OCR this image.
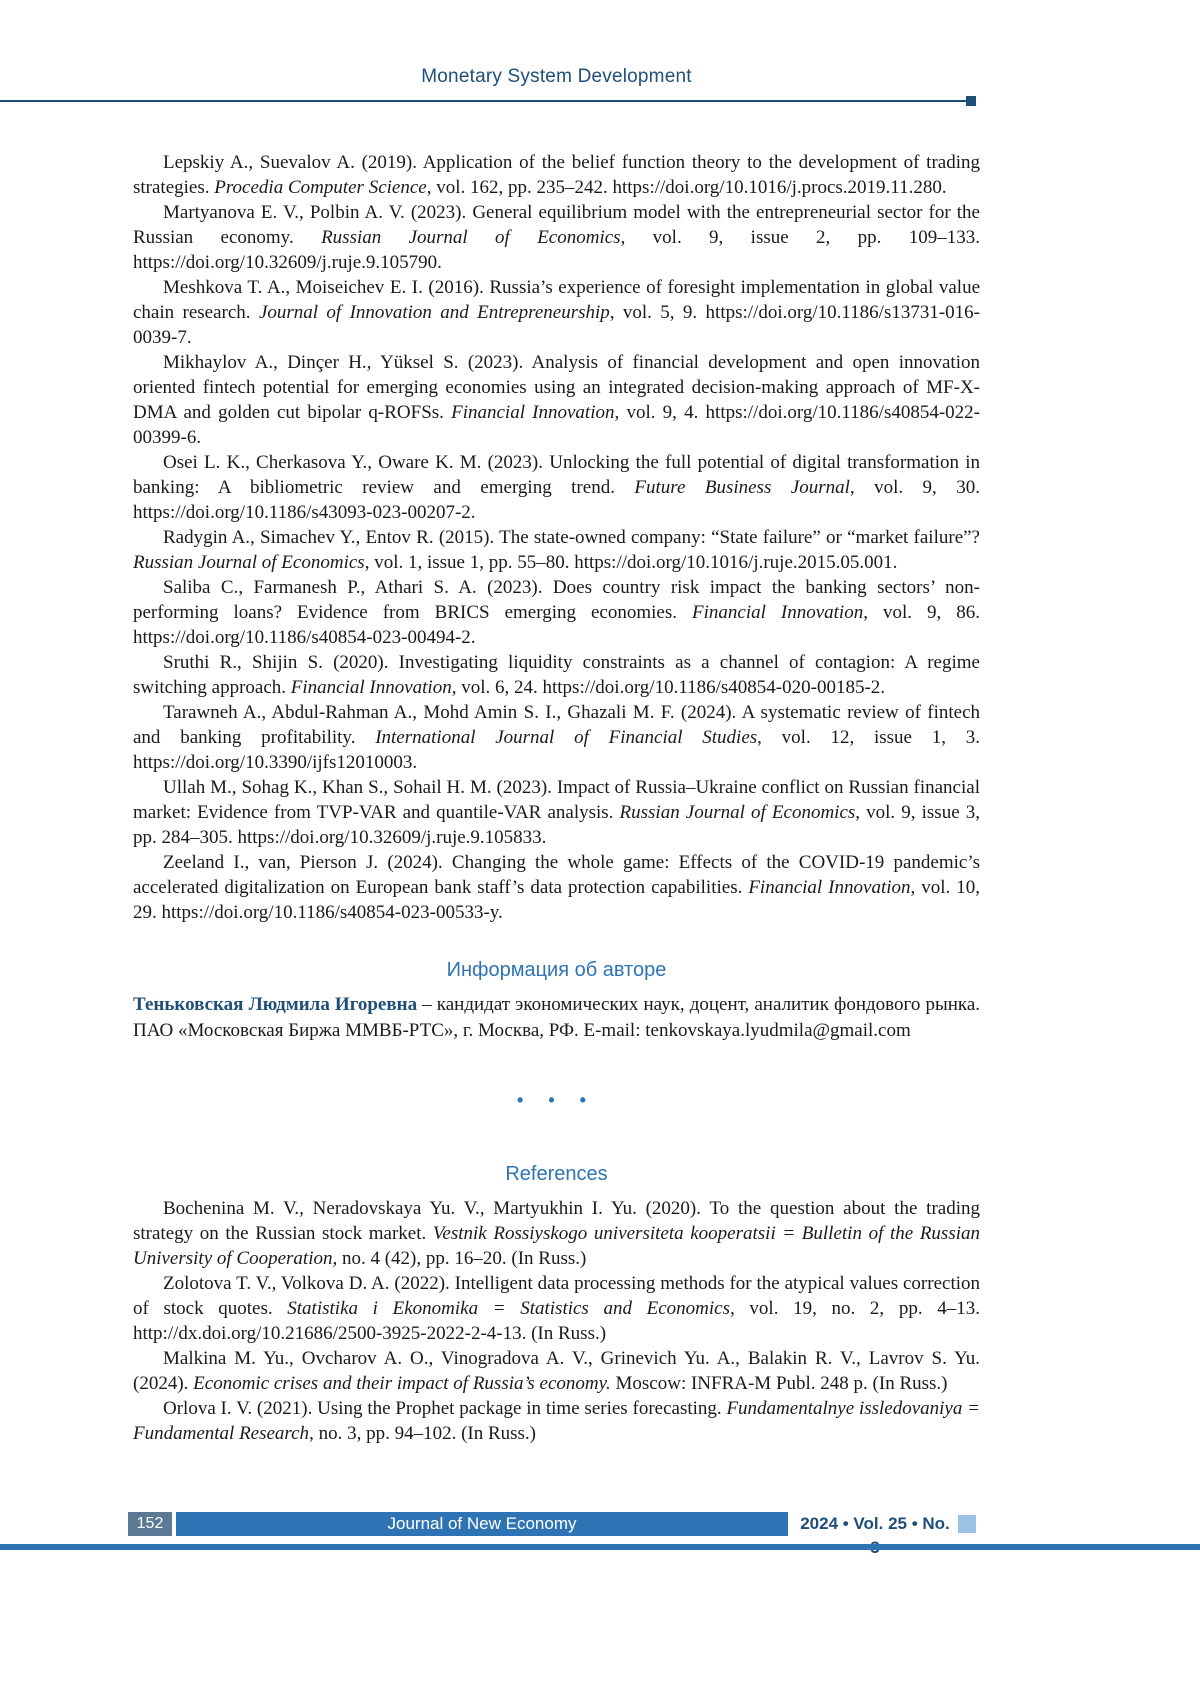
Monetary System Development

Lepskiy A., Suevalov A. (2019). Application of the belief function theory to the development of trading strategies. Procedia Computer Science, vol. 162, pp. 235–242. https://doi.org/10.1016/j.procs.2019.11.280.

Martyanova E. V., Polbin A. V. (2023). General equilibrium model with the entrepreneurial sector for the Russian economy. Russian Journal of Economics, vol. 9, issue 2, pp. 109–133. https://doi.org/10.32609/j.ruje.9.105790.

Meshkova T. A., Moiseichev E. I. (2016). Russia’s experience of foresight implementation in global value chain research. Journal of Innovation and Entrepreneurship, vol. 5, 9. https://doi.org/10.1186/s13731-016-0039-7.

Mikhaylov A., Dinçer H., Yüksel S. (2023). Analysis of financial development and open innovation oriented fintech potential for emerging economies using an integrated decision-making approach of MF-X-DMA and golden cut bipolar q-ROFSs. Financial Innovation, vol. 9, 4. https://doi.org/10.1186/s40854-022-00399-6.

Osei L. K., Cherkasova Y., Oware K. M. (2023). Unlocking the full potential of digital transformation in banking: A bibliometric review and emerging trend. Future Business Journal, vol. 9, 30. https://doi.org/10.1186/s43093-023-00207-2.

Radygin A., Simachev Y., Entov R. (2015). The state-owned company: “State failure” or “market failure”? Russian Journal of Economics, vol. 1, issue 1, pp. 55–80. https://doi.org/10.1016/j.ruje.2015.05.001.

Saliba C., Farmanesh P., Athari S. A. (2023). Does country risk impact the banking sectors’ non-performing loans? Evidence from BRICS emerging economies. Financial Innovation, vol. 9, 86. https://doi.org/10.1186/s40854-023-00494-2.

Sruthi R., Shijin S. (2020). Investigating liquidity constraints as a channel of contagion: A regime switching approach. Financial Innovation, vol. 6, 24. https://doi.org/10.1186/s40854-020-00185-2.

Tarawneh A., Abdul-Rahman A., Mohd Amin S. I., Ghazali M. F. (2024). A systematic review of fintech and banking profitability. International Journal of Financial Studies, vol. 12, issue 1, 3. https://doi.org/10.3390/ijfs12010003.

Ullah M., Sohag K., Khan S., Sohail H. M. (2023). Impact of Russia–Ukraine conflict on Russian financial market: Evidence from TVP-VAR and quantile-VAR analysis. Russian Journal of Economics, vol. 9, issue 3, pp. 284–305. https://doi.org/10.32609/j.ruje.9.105833.

Zeeland I., van, Pierson J. (2024). Changing the whole game: Effects of the COVID-19 pandemic’s accelerated digitalization on European bank staff’s data protection capabilities. Financial Innovation, vol. 10, 29. https://doi.org/10.1186/s40854-023-00533-y.

Информация об авторе

Теньковская Людмила Игоревна – кандидат экономических наук, доцент, аналитик фондового рынка. ПАО «Московская Биржа ММВБ-РТС», г. Москва, РФ. E-mail: tenkovskaya.lyudmila@gmail.com

• • •
References

Bochenina M. V., Neradovskaya Yu. V., Martyukhin I. Yu. (2020). To the question about the trading strategy on the Russian stock market. Vestnik Rossiyskogo universiteta kooperatsii = Bulletin of the Russian University of Cooperation, no. 4 (42), pp. 16–20. (In Russ.)

Zolotova T. V., Volkova D. A. (2022). Intelligent data processing methods for the atypical values correction of stock quotes. Statistika i Ekonomika = Statistics and Economics, vol. 19, no. 2, pp. 4–13. http://dx.doi.org/10.21686/2500-3925-2022-2-4-13. (In Russ.)

Malkina M. Yu., Ovcharov A. O., Vinogradova A. V., Grinevich Yu. A., Balakin R. V., Lavrov S. Yu. (2024). Economic crises and their impact of Russia’s economy. Moscow: INFRA-M Publ. 248 p. (In Russ.)

Orlova I. V. (2021). Using the Prophet package in time series forecasting. Fundamentalnye issledovaniya = Fundamental Research, no. 3, pp. 94–102. (In Russ.)

152	Journal of New Economy	2024 • Vol. 25 • No.
